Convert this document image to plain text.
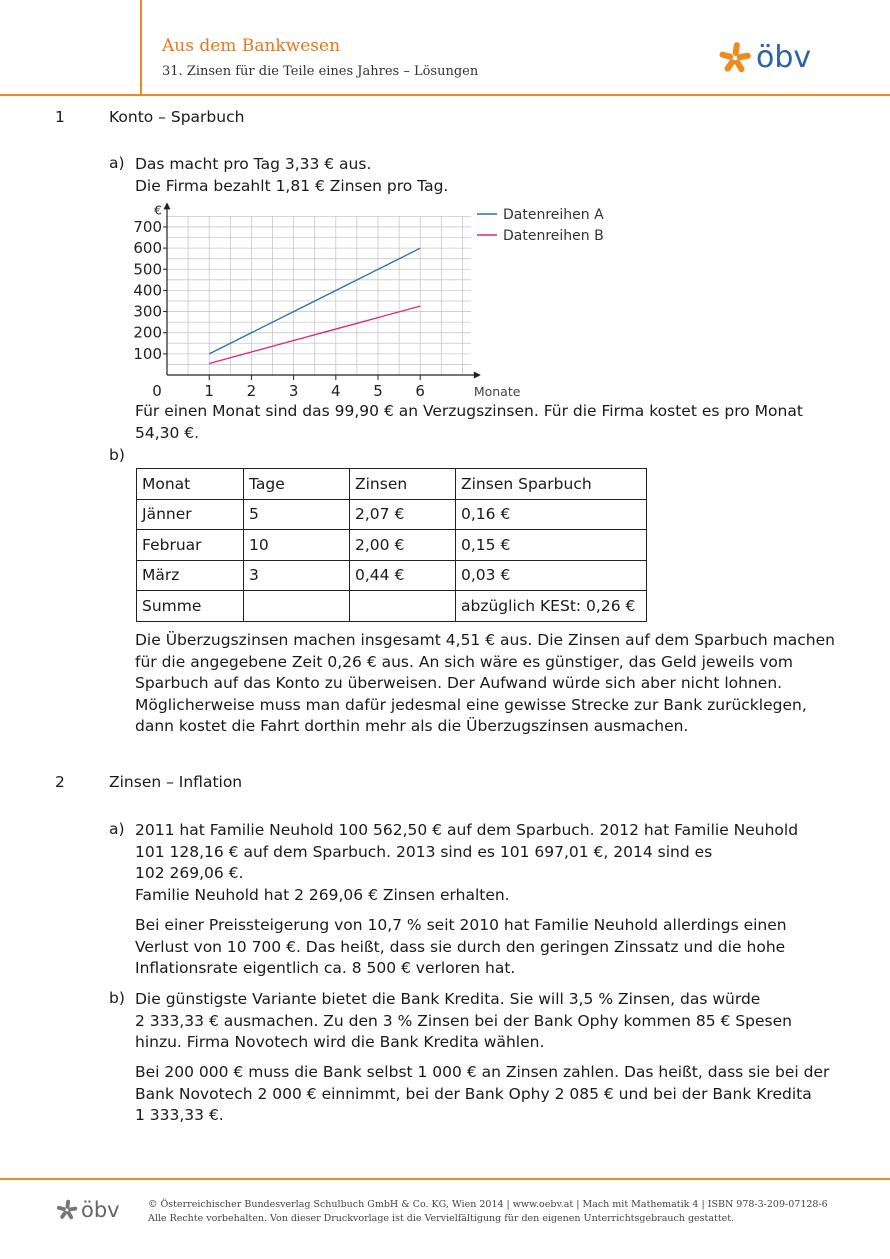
Aus dem Bankwesen
31. Zinsen für die Teile eines Jahres – Lösungen	öbv
1	Konto – Sparbuch
a) Das macht pro Tag 3,33 € aus.
Die Firma bezahlt 1,81 € Zinsen pro Tag.
1 2 3 4 5 6
100
200
300
400
500
600
700
0
€
Monate
Datenreihen A
Datenreihen B
Für einen Monat sind das 99,90 € an Verzugszinsen. Für die Firma kostet es pro Monat
54,30 €.
b)
Monat	Tage	Zinsen	Zinsen Sparbuch
Jänner	5	2,07 €	0,16 €
Februar	10	2,00 €	0,15 €
März	3	0,44 €	0,03 €
Summe			abzüglich KESt: 0,26 €
Die Überzugszinsen machen insgesamt 4,51 € aus. Die Zinsen auf dem Sparbuch machen
für die angegebene Zeit 0,26 € aus. An sich wäre es günstiger, das Geld jeweils vom
Sparbuch auf das Konto zu überweisen. Der Aufwand würde sich aber nicht lohnen.
Möglicherweise muss man dafür jedesmal eine gewisse Strecke zur Bank zurücklegen,
dann kostet die Fahrt dorthin mehr als die Überzugszinsen ausmachen.
2	Zinsen – Inflation
a) 2011 hat Familie Neuhold 100 562,50 € auf dem Sparbuch. 2012 hat Familie Neuhold
101 128,16 € auf dem Sparbuch. 2013 sind es 101 697,01 €, 2014 sind es
102 269,06 €.
Familie Neuhold hat 2 269,06 € Zinsen erhalten.
Bei einer Preissteigerung von 10,7 % seit 2010 hat Familie Neuhold allerdings einen
Verlust von 10 700 €. Das heißt, dass sie durch den geringen Zinssatz und die hohe
Inflationsrate eigentlich ca. 8 500 € verloren hat.
b) Die günstigste Variante bietet die Bank Kredita. Sie will 3,5 % Zinsen, das würde
2 333,33 € ausmachen. Zu den 3 % Zinsen bei der Bank Ophy kommen 85 € Spesen
hinzu. Firma Novotech wird die Bank Kredita wählen.
Bei 200 000 € muss die Bank selbst 1 000 € an Zinsen zahlen. Das heißt, dass sie bei der
Bank Novotech 2 000 € einnimmt, bei der Bank Ophy 2 085 € und bei der Bank Kredita
1 333,33 €.
öbv	© Österreichischer Bundesverlag Schulbuch GmbH & Co. KG, Wien 2014 | www.oebv.at | Mach mit Mathematik 4 | ISBN 978-3-209-07128-6
Alle Rechte vorbehalten. Von dieser Druckvorlage ist die Vervielfältigung für den eigenen Unterrichtsgebrauch gestattet.
